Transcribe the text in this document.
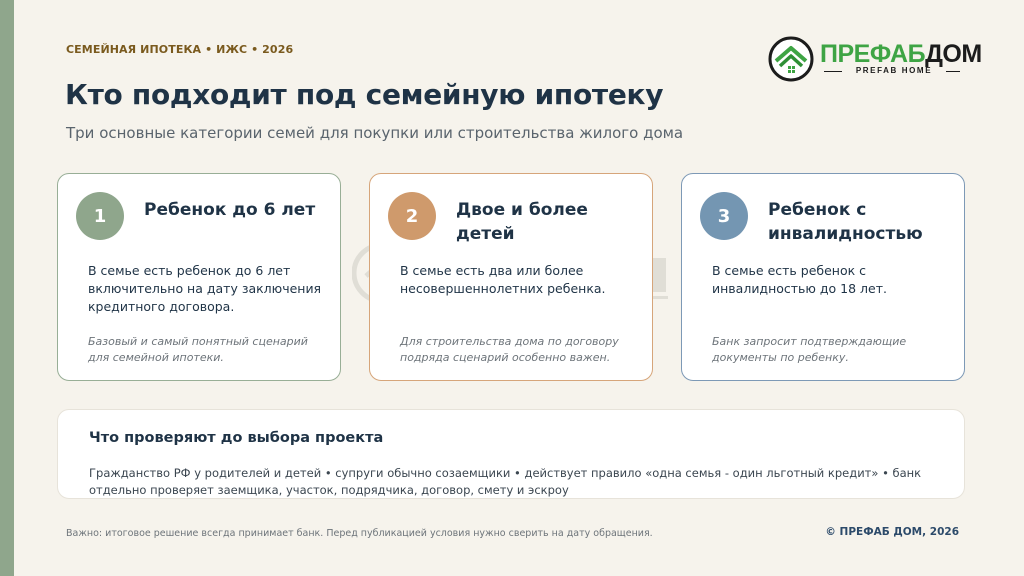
СЕМЕЙНАЯ ИПОТЕКА • ИЖС • 2026
Кто подходит под семейную ипотеку
Три основные категории семей для покупки или строительства жилого дома
ПРЕФАБДОМ
PREFAB HOME
1	Ребенок до 6 лет
В семье есть ребенок до 6 лет включительно на дату заключения кредитного договора.
Базовый и самый понятный сценарий для семейной ипотеки.
2	Двое и более детей
В семье есть два или более несовершеннолетних ребенка.
Для строительства дома по договору подряда сценарий особенно важен.
3	Ребенок с инвалидностью
В семье есть ребенок с инвалидностью до 18 лет.
Банк запросит подтверждающие документы по ребенку.
Что проверяют до выбора проекта
Гражданство РФ у родителей и детей • супруги обычно созаемщики • действует правило «одна семья - один льготный кредит» • банк отдельно проверяет заемщика, участок, подрядчика, договор, смету и эскроу
Важно: итоговое решение всегда принимает банк. Перед публикацией условия нужно сверить на дату обращения.	© ПРЕФАБ ДОМ, 2026
